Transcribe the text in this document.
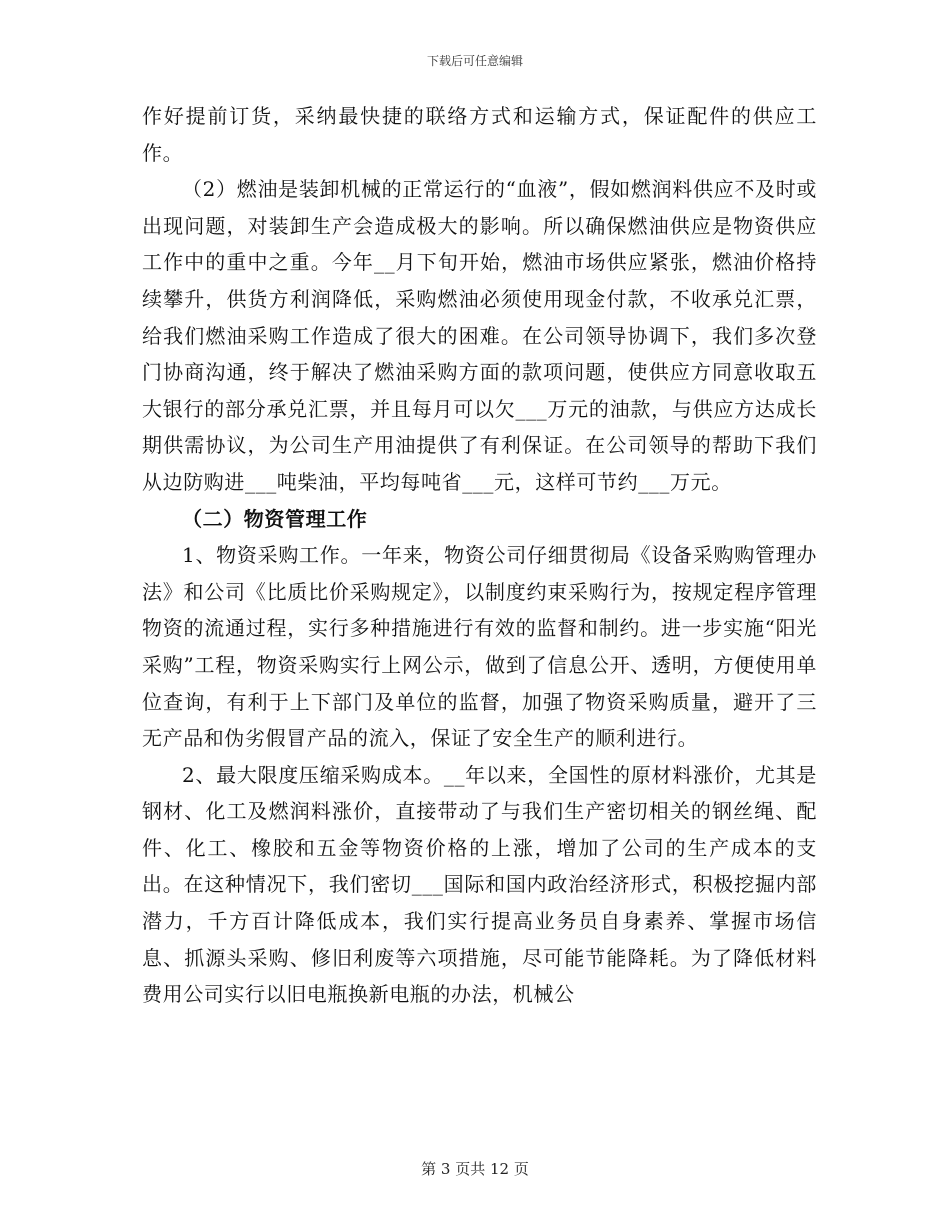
下载后可任意编辑

作好提前订货，采纳最快捷的联络方式和运输方式，保证配件的供应工作。

（2）燃油是装卸机械的正常运行的“血液”，假如燃润料供应不及时或出现问题，对装卸生产会造成极大的影响。所以确保燃油供应是物资供应工作中的重中之重。今年__月下旬开始，燃油市场供应紧张，燃油价格持续攀升，供货方利润降低，采购燃油必须使用现金付款，不收承兑汇票，给我们燃油采购工作造成了很大的困难。在公司领导协调下，我们多次登门协商沟通，终于解决了燃油采购方面的款项问题，使供应方同意收取五大银行的部分承兑汇票，并且每月可以欠___万元的油款，与供应方达成长期供需协议，为公司生产用油提供了有利保证。在公司领导的帮助下我们从边防购进___吨柴油，平均每吨省___元，这样可节约___万元。

（二）物资管理工作

1、物资采购工作。一年来，物资公司仔细贯彻局《设备采购购管理办法》和公司《比质比价采购规定》，以制度约束采购行为，按规定程序管理物资的流通过程，实行多种措施进行有效的监督和制约。进一步实施“阳光采购”工程，物资采购实行上网公示，做到了信息公开、透明，方便使用单位查询，有利于上下部门及单位的监督，加强了物资采购质量，避开了三无产品和伪劣假冒产品的流入，保证了安全生产的顺利进行。

2、最大限度压缩采购成本。__年以来，全国性的原材料涨价，尤其是钢材、化工及燃润料涨价，直接带动了与我们生产密切相关的钢丝绳、配件、化工、橡胶和五金等物资价格的上涨，增加了公司的生产成本的支出。在这种情况下，我们密切___国际和国内政治经济形式，积极挖掘内部潜力，千方百计降低成本，我们实行提高业务员自身素养、掌握市场信息、抓源头采购、修旧利废等六项措施，尽可能节能降耗。为了降低材料费用公司实行以旧电瓶换新电瓶的办法，机械公

第 3 页共 12 页
